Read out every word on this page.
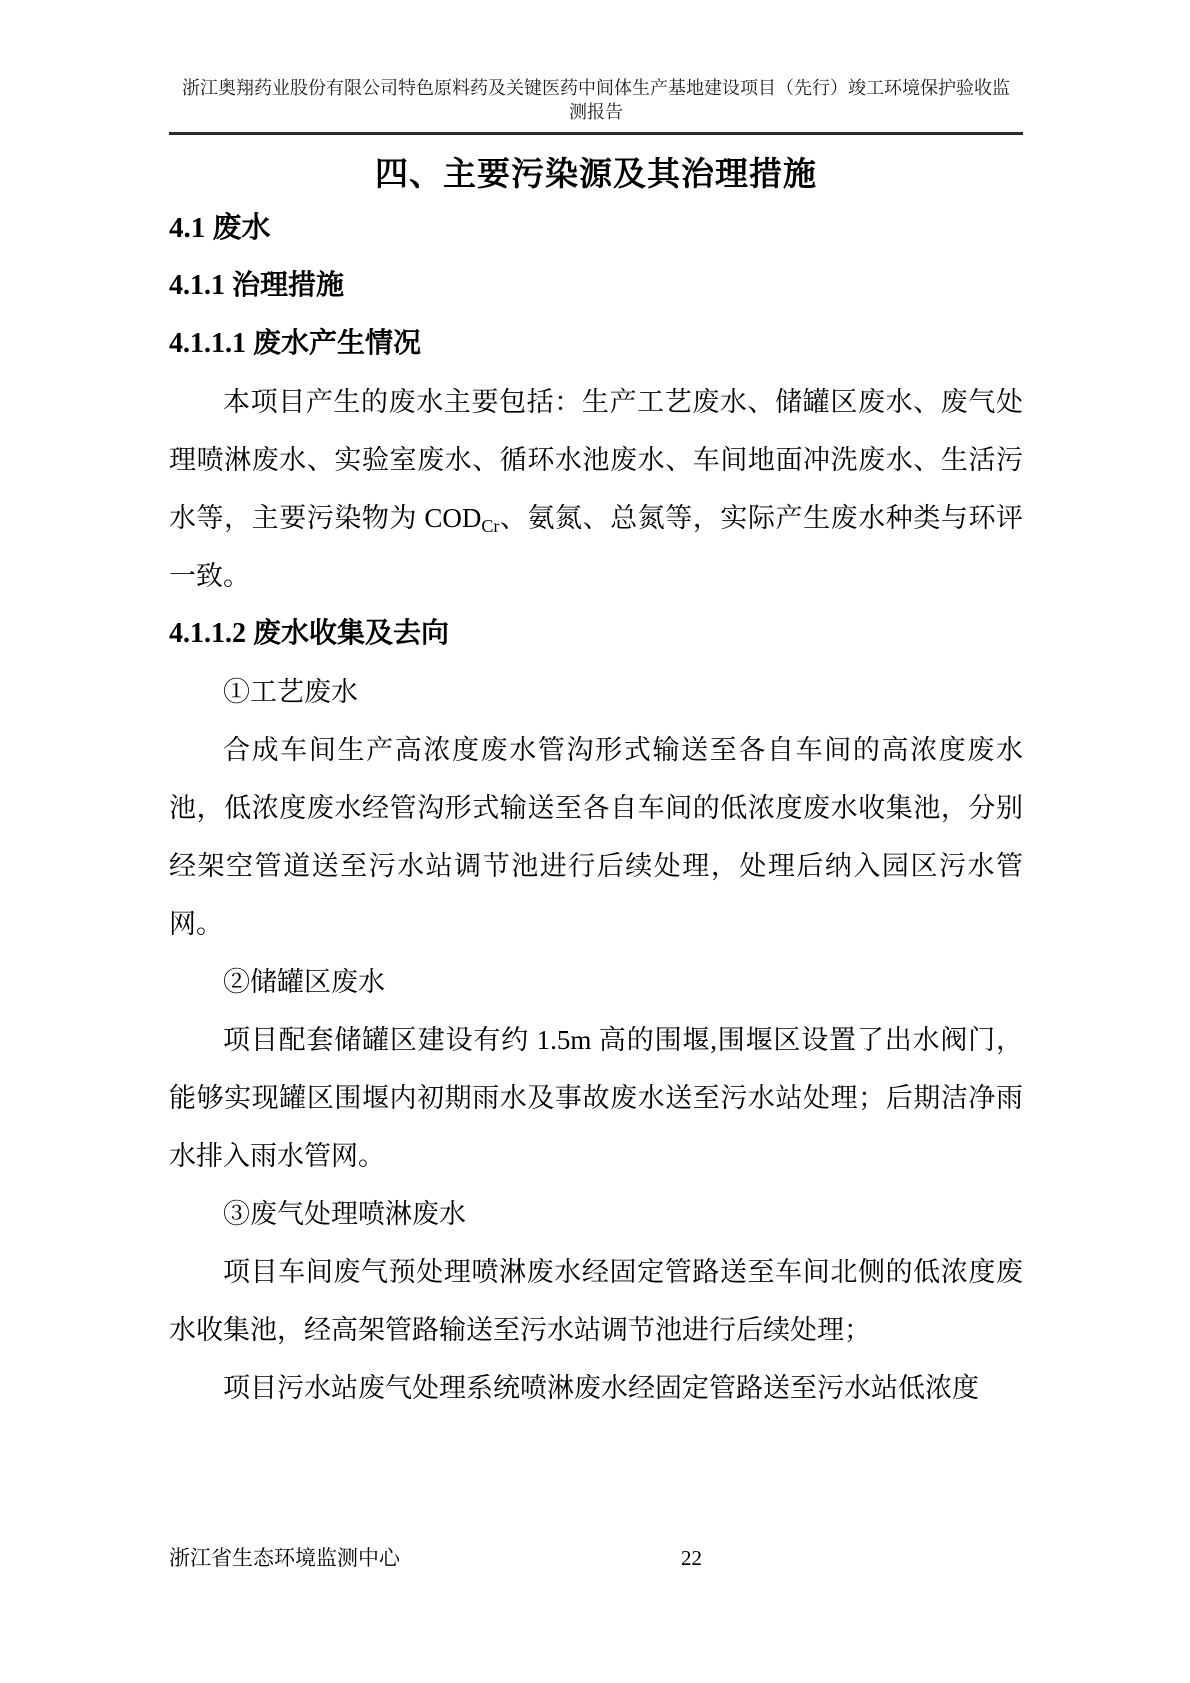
浙江奥翔药业股份有限公司特色原料药及关键医药中间体生产基地建设项目（先行）竣工环境保护验收监
测报告
四、主要污染源及其治理措施
4.1 废水
4.1.1 治理措施
4.1.1.1 废水产生情况

本项目产生的废水主要包括：生产工艺废水、储罐区废水、废气处理喷淋废水、实验室废水、循环水池废水、车间地面冲洗废水、生活污水等，主要污染物为 $COD_{Cr}$、氨氮、总氮等，实际产生废水种类与环评一致。

4.1.1.2 废水收集及去向

①工艺废水

合成车间生产高浓度废水管沟形式输送至各自车间的高浓度废水池，低浓度废水经管沟形式输送至各自车间的低浓度废水收集池，分别经架空管道送至污水站调节池进行后续处理，处理后纳入园区污水管网。

②储罐区废水

项目配套储罐区建设有约 1.5m 高的围堰,围堰区设置了出水阀门，能够实现罐区围堰内初期雨水及事故废水送至污水站处理；后期洁净雨水排入雨水管网。

③废气处理喷淋废水

项目车间废气预处理喷淋废水经固定管路送至车间北侧的低浓度废水收集池，经高架管路输送至污水站调节池进行后续处理；

项目污水站废气处理系统喷淋废水经固定管路送至污水站低浓度

浙江省生态环境监测中心	22
